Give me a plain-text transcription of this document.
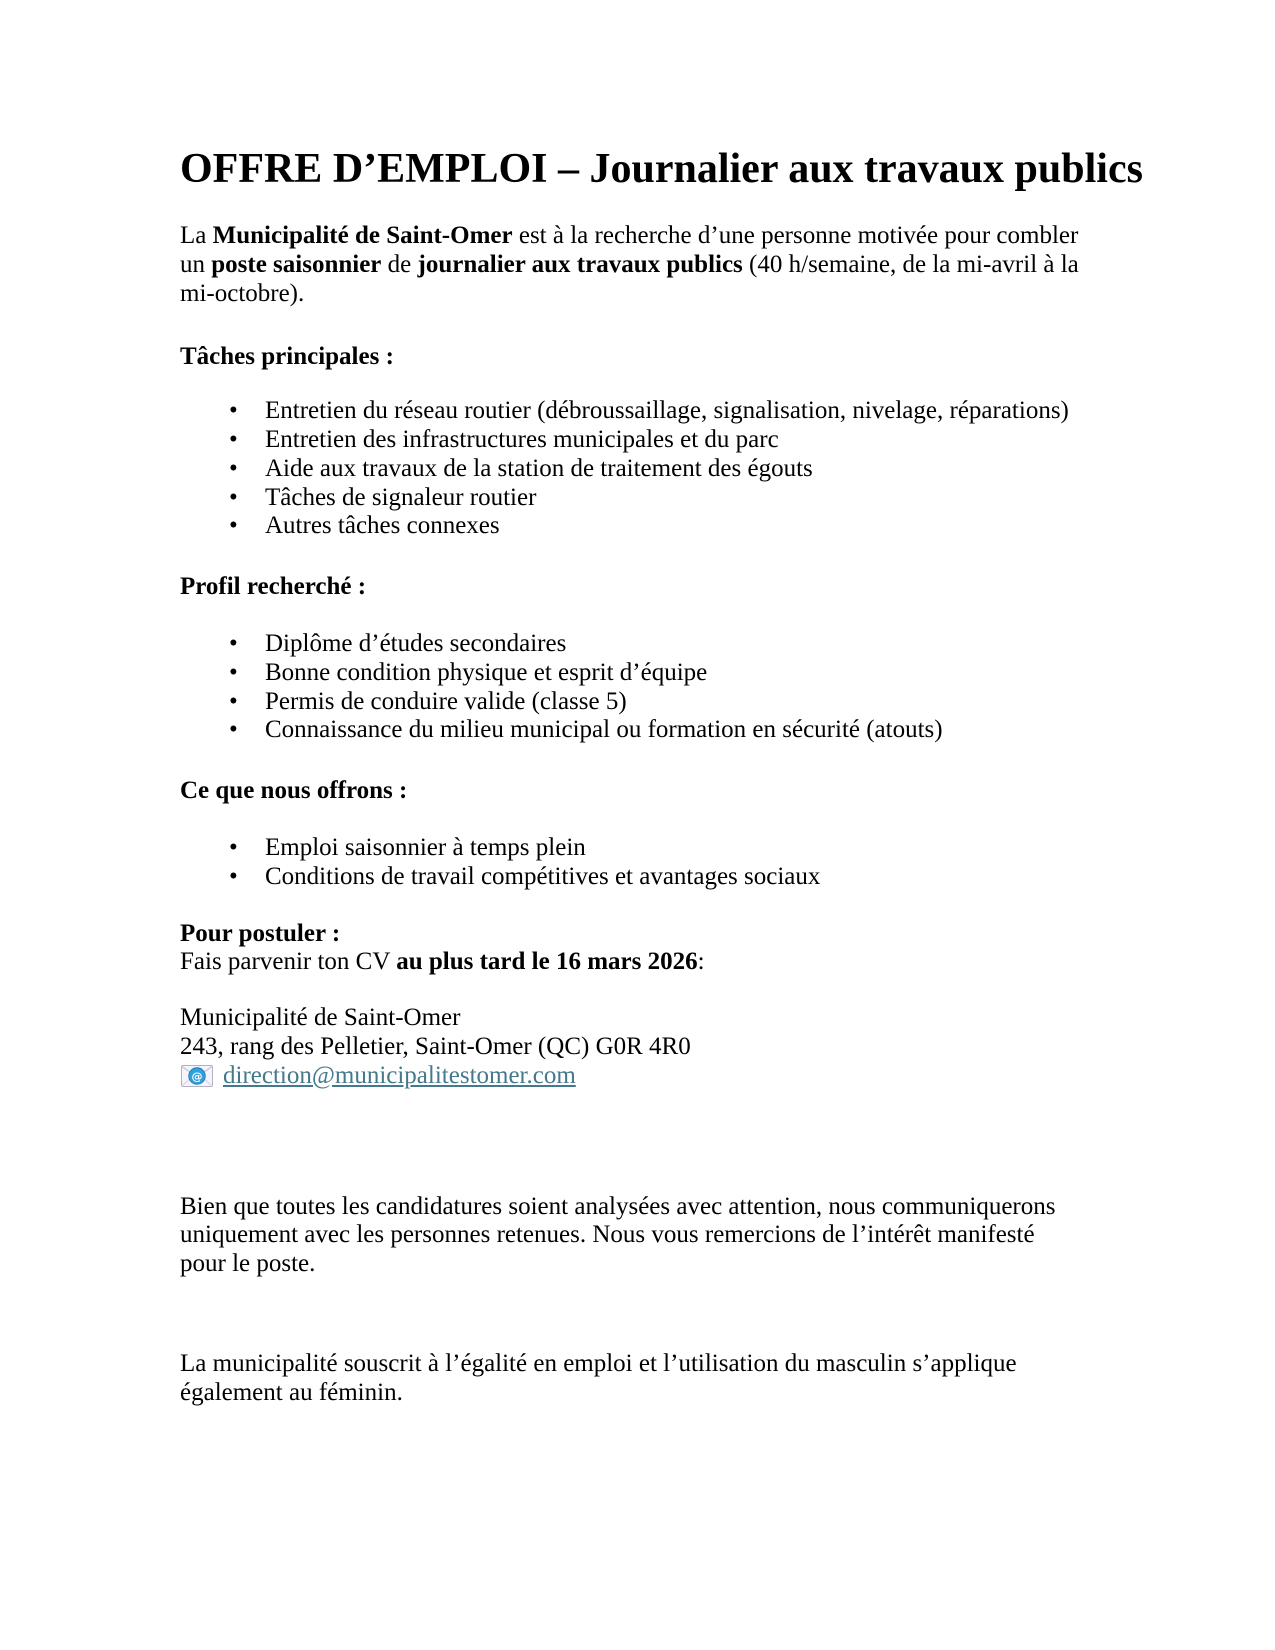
OFFRE D’EMPLOI – Journalier aux travaux publics

La Municipalité de Saint-Omer est à la recherche d’une personne motivée pour combler
un poste saisonnier de journalier aux travaux publics (40 h/semaine, de la mi-avril à la
mi-octobre).

Tâches principales :
• Entretien du réseau routier (débroussaillage, signalisation, nivelage, réparations)
• Entretien des infrastructures municipales et du parc
• Aide aux travaux de la station de traitement des égouts
• Tâches de signaleur routier
• Autres tâches connexes
Profil recherché :
• Diplôme d’études secondaires
• Bonne condition physique et esprit d’équipe
• Permis de conduire valide (classe 5)
• Connaissance du milieu municipal ou formation en sécurité (atouts)
Ce que nous offrons :
• Emploi saisonnier à temps plein
• Conditions de travail compétitives et avantages sociaux

Pour postuler :

Fais parvenir ton CV au plus tard le 16 mars 2026:

Municipalité de Saint-Omer

243, rang des Pelletier, Saint-Omer (QC) G0R 4R0

@ direction@municipalitestomer.com

Bien que toutes les candidatures soient analysées avec attention, nous communiquerons
uniquement avec les personnes retenues. Nous vous remercions de l’intérêt manifesté
pour le poste.

La municipalité souscrit à l’égalité en emploi et l’utilisation du masculin s’applique
également au féminin.
